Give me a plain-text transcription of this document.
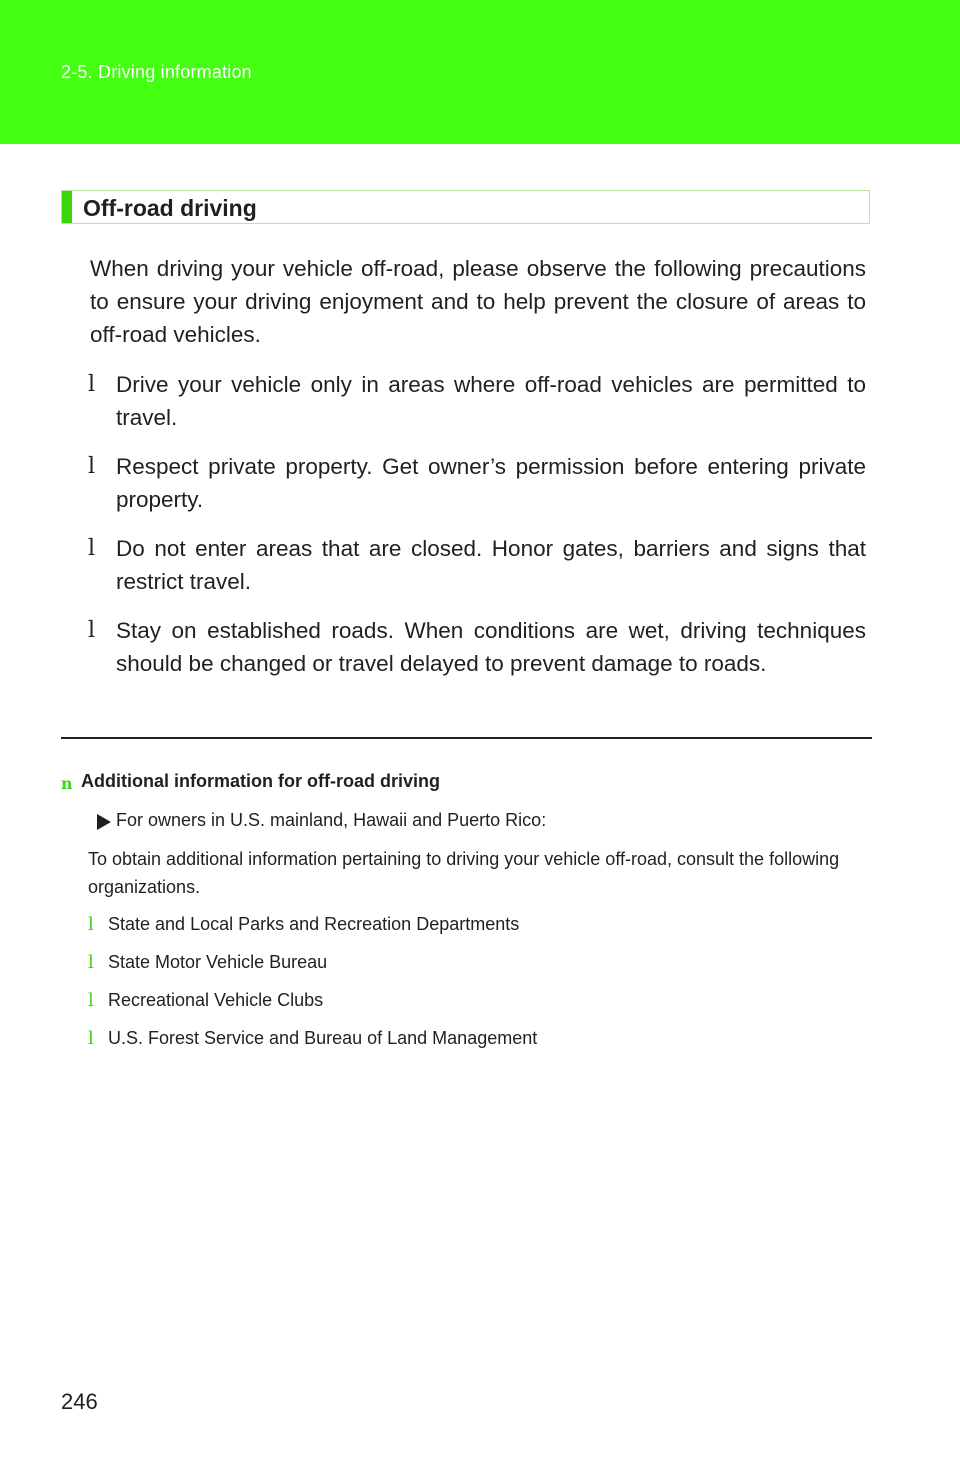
2-5. Driving information
Off-road driving
When driving your vehicle off-road, please observe the following precautions to ensure your driving enjoyment and to help prevent the closure of areas to off-road vehicles.
l Drive your vehicle only in areas where off-road vehicles are permitted to travel.
l Respect private property. Get owner’s permission before entering private property.
l Do not enter areas that are closed. Honor gates, barriers and signs that restrict travel.
l Stay on established roads. When conditions are wet, driving techniques should be changed or travel delayed to prevent damage to roads.
n Additional information for off-road driving
For owners in U.S. mainland, Hawaii and Puerto Rico:
To obtain additional information pertaining to driving your vehicle off-road, consult the following organizations.
l State and Local Parks and Recreation Departments
l State Motor Vehicle Bureau
l Recreational Vehicle Clubs
l U.S. Forest Service and Bureau of Land Management
246
